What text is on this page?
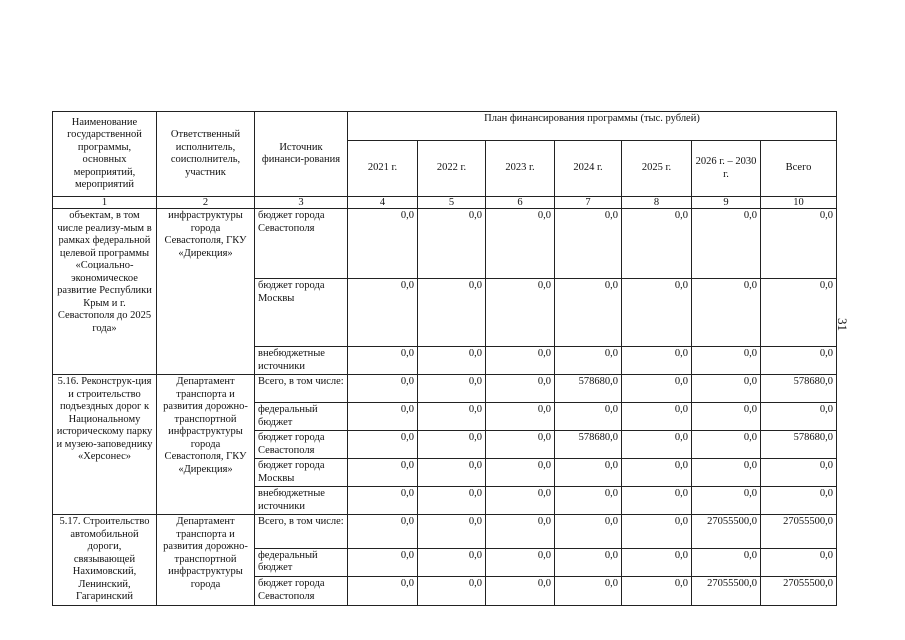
31
Наименование государственной программы, основных мероприятий, мероприятий	Ответственный исполнитель, соисполнитель, участник	Источник финанси-рования	План финансирования программы (тыс. рублей)						
			2021 г.	2022 г.	2023 г.	2024 г.	2025 г.	2026 г. – 2030 г.	Всего
1	2	3	4	5	6	7	8	9	10
объектам, в том числе реализу-мым в рамках федеральной целевой программы «Социально-экономическое развитие Республики Крым и г. Севастополя до 2025 года»	инфраструктуры города Севастополя, ГКУ «Дирекция»	бюджет города Севастополя	0,0	0,0	0,0	0,0	0,0	0,0	0,0
		бюджет города Москвы	0,0	0,0	0,0	0,0	0,0	0,0	0,0
		внебюджетные источники	0,0	0,0	0,0	0,0	0,0	0,0	0,0
5.16. Реконструк-ция и строительство подъездных дорог к Национальному историческому парку и музею-заповеднику «Херсонес»	Департамент транспорта и развития дорожно-транспортной инфраструктуры города Севастополя, ГКУ «Дирекция»	Всего, в том числе:	0,0	0,0	0,0	578680,0	0,0	0,0	578680,0
		федеральный бюджет	0,0	0,0	0,0	0,0	0,0	0,0	0,0
		бюджет города Севастополя	0,0	0,0	0,0	578680,0	0,0	0,0	578680,0
		бюджет города Москвы	0,0	0,0	0,0	0,0	0,0	0,0	0,0
		внебюджетные источники	0,0	0,0	0,0	0,0	0,0	0,0	0,0
5.17. Строительство автомобильной дороги, связывающей Нахимовский, Ленинский, Гагаринский	Департамент транспорта и развития дорожно-транспортной инфраструктуры города	Всего, в том числе:	0,0	0,0	0,0	0,0	0,0	27055500,0	27055500,0
		федеральный бюджет	0,0	0,0	0,0	0,0	0,0	0,0	0,0
		бюджет города Севастополя	0,0	0,0	0,0	0,0	0,0	27055500,0	27055500,0
